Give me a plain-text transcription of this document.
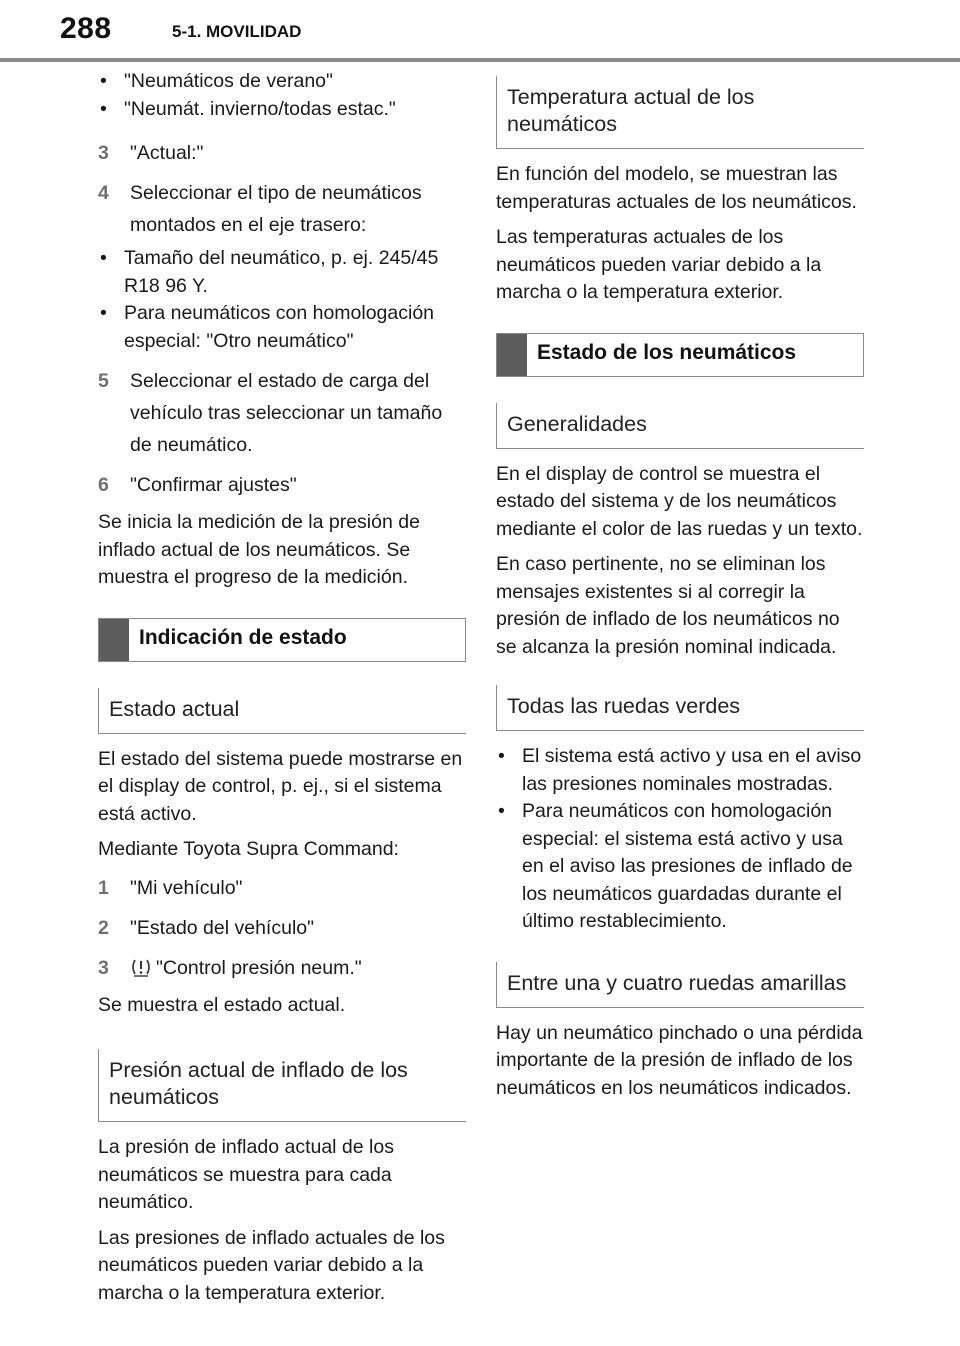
288	5-1. MOVILIDAD
• "Neumáticos de verano"
• "Neumát. invierno/todas estac."
3	"Actual:"
4	Seleccionar el tipo de neumáticos montados en el eje trasero:
• Tamaño del neumático, p. ej. 245/45 R18 96 Y.
• Para neumáticos con homologación especial: "Otro neumático"
5	Seleccionar el estado de carga del vehículo tras seleccionar un tamaño de neumático.
6	"Confirmar ajustes"

Se inicia la medición de la presión de inflado actual de los neumáticos. Se muestra el progreso de la medición.

Indicación de estado
Estado actual

El estado del sistema puede mostrarse en el display de control, p. ej., si el sistema está activo.

Mediante Toyota Supra Command:

1	"Mi vehículo"
2	"Estado del vehículo"
3	"Control presión neum."

Se muestra el estado actual.

Presión actual de inflado de los neumáticos

La presión de inflado actual de los neumáticos se muestra para cada neumático.

Las presiones de inflado actuales de los neumáticos pueden variar debido a la marcha o la temperatura exterior.

Temperatura actual de los neumáticos

En función del modelo, se muestran las temperaturas actuales de los neumáticos.

Las temperaturas actuales de los neumáticos pueden variar debido a la marcha o la temperatura exterior.

Estado de los neumáticos
Generalidades

En el display de control se muestra el estado del sistema y de los neumáticos mediante el color de las ruedas y un texto.

En caso pertinente, no se eliminan los mensajes existentes si al corregir la presión de inflado de los neumáticos no se alcanza la presión nominal indicada.

Todas las ruedas verdes
• El sistema está activo y usa en el aviso las presiones nominales mostradas.
• Para neumáticos con homologación especial: el sistema está activo y usa en el aviso las presiones de inflado de los neumáticos guardadas durante el último restablecimiento.
Entre una y cuatro ruedas amarillas

Hay un neumático pinchado o una pérdida importante de la presión de inflado de los neumáticos en los neumáticos indicados.
